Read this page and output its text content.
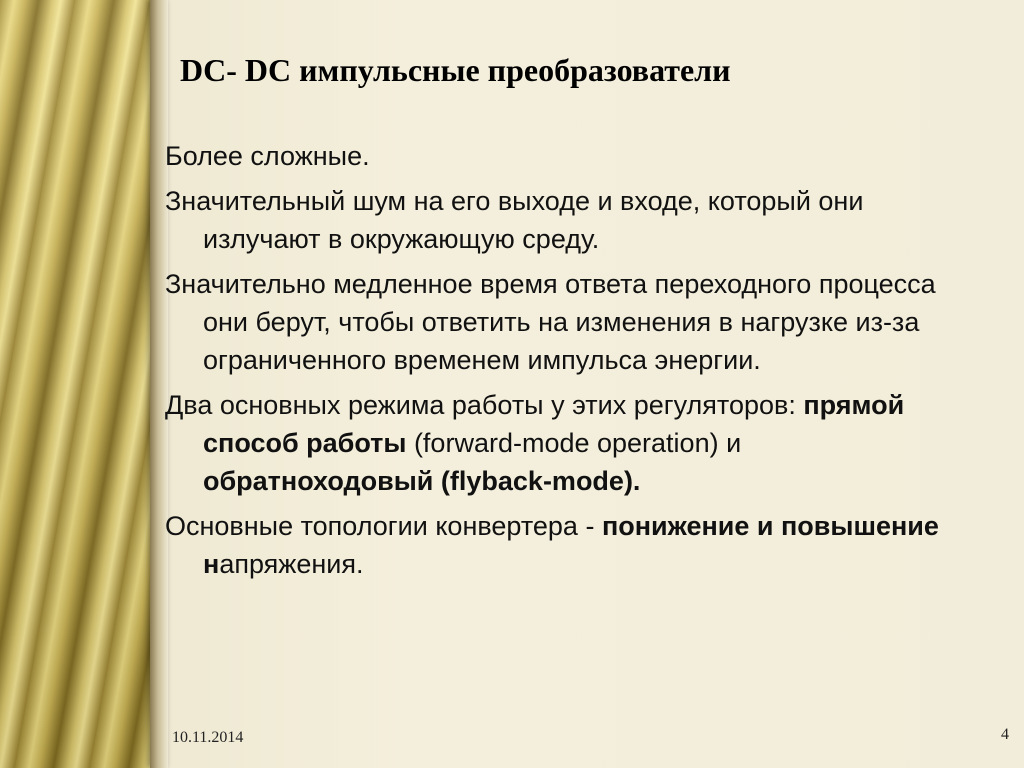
DC- DC импульсные преобразователи
Более сложные.
Значительный шум на его выходе и входе, который они излучают в окружающую среду.
Значительно медленное время ответа переходного процесса они берут, чтобы ответить на изменения в нагрузке из-за ограниченного временем импульса энергии.
Два основных режима работы у этих регуляторов: прямой способ работы (forward-mode operation) и обратноходовый (flyback-mode).
Основные топологии конвертера - понижение и повышение напряжения.
10.11.2014	4
